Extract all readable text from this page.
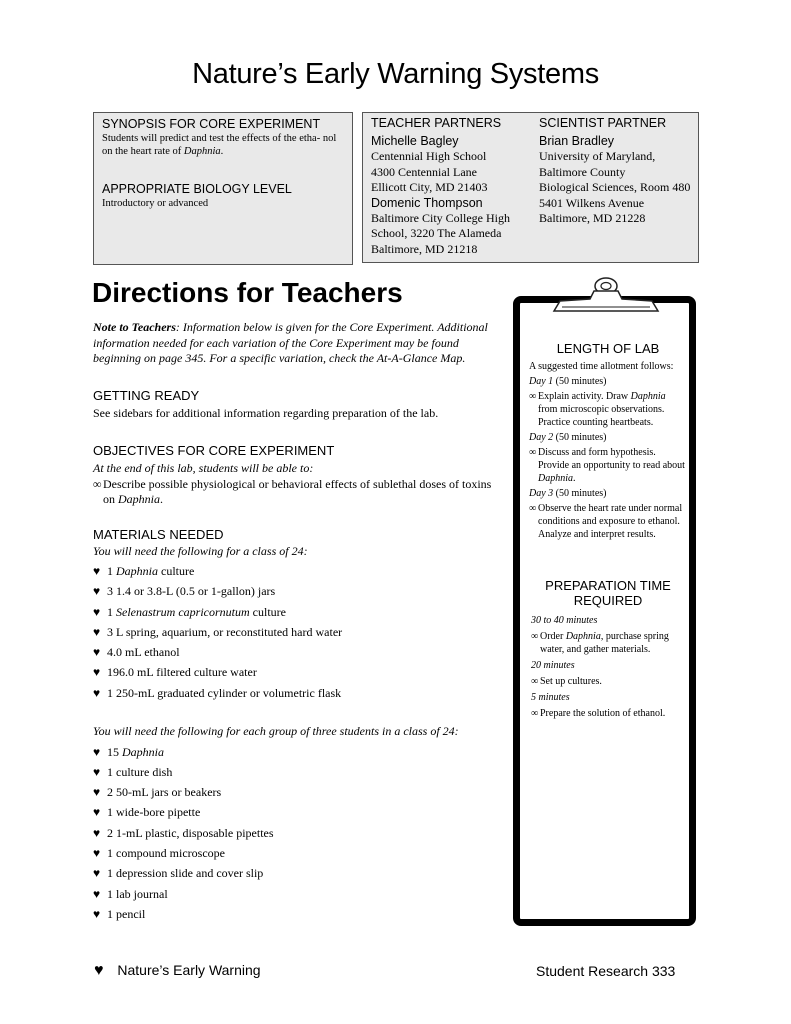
Nature’s Early Warning Systems
SYNOPSIS FOR CORE EXPERIMENT
Students will predict and test the effects of the etha- nol on the heart rate of Daphnia.
APPROPRIATE BIOLOGY LEVEL
Introductory or advanced
TEACHER PARTNERS
Michelle Bagley
Centennial High School
4300 Centennial Lane
Ellicott City, MD 21403
Domenic Thompson
Baltimore City College High
School, 3220 The Alameda
Baltimore, MD 21218
SCIENTIST PARTNER
Brian Bradley
University of Maryland,
Baltimore County
Biological Sciences, Room 480
5401 Wilkens Avenue
Baltimore, MD 21228
Directions for Teachers
Note to Teachers: Information below is given for the Core Experiment. Additional information needed for each variation of the Core Experiment may be found beginning on page 345. For a specific variation, check the At-A-Glance Map.
GETTING READY
See sidebars for additional information regarding preparation of the lab.
OBJECTIVES FOR CORE EXPERIMENT
At the end of this lab, students will be able to:
∞ Describe possible physiological or behavioral effects of sublethal doses of toxins on Daphnia.
MATERIALS NEEDED
You will need the following for a class of 24:
♥ 1 Daphnia culture
♥ 3 1.4 or 3.8-L (0.5 or 1-gallon) jars
♥ 1 Selenastrum capricornutum culture
♥ 3 L spring, aquarium, or reconstituted hard water
♥ 4.0 mL ethanol
♥ 196.0 mL filtered culture water
♥ 1 250-mL graduated cylinder or volumetric flask
You will need the following for each group of three students in a class of 24:
♥ 15 Daphnia
♥ 1 culture dish
♥ 2 50-mL jars or beakers
♥ 1 wide-bore pipette
♥ 2 1-mL plastic, disposable pipettes
♥ 1 compound microscope
♥ 1 depression slide and cover slip
♥ 1 lab journal
♥ 1 pencil
LENGTH OF LAB
A suggested time allotment follows:
Day 1 (50 minutes)
∞ Explain activity. Draw Daphnia from microscopic observations. Practice counting heartbeats.
Day 2 (50 minutes)
∞ Discuss and form hypothesis. Provide an opportunity to read about Daphnia.
Day 3 (50 minutes)
∞ Observe the heart rate under normal conditions and exposure to ethanol. Analyze and interpret results.
PREPARATION TIME
REQUIRED
30 to 40 minutes
∞ Order Daphnia, purchase spring water, and gather materials.
20 minutes
∞ Set up cultures.
5 minutes
∞ Prepare the solution of ethanol.
♥ Nature’s Early Warning	Student Research 333
